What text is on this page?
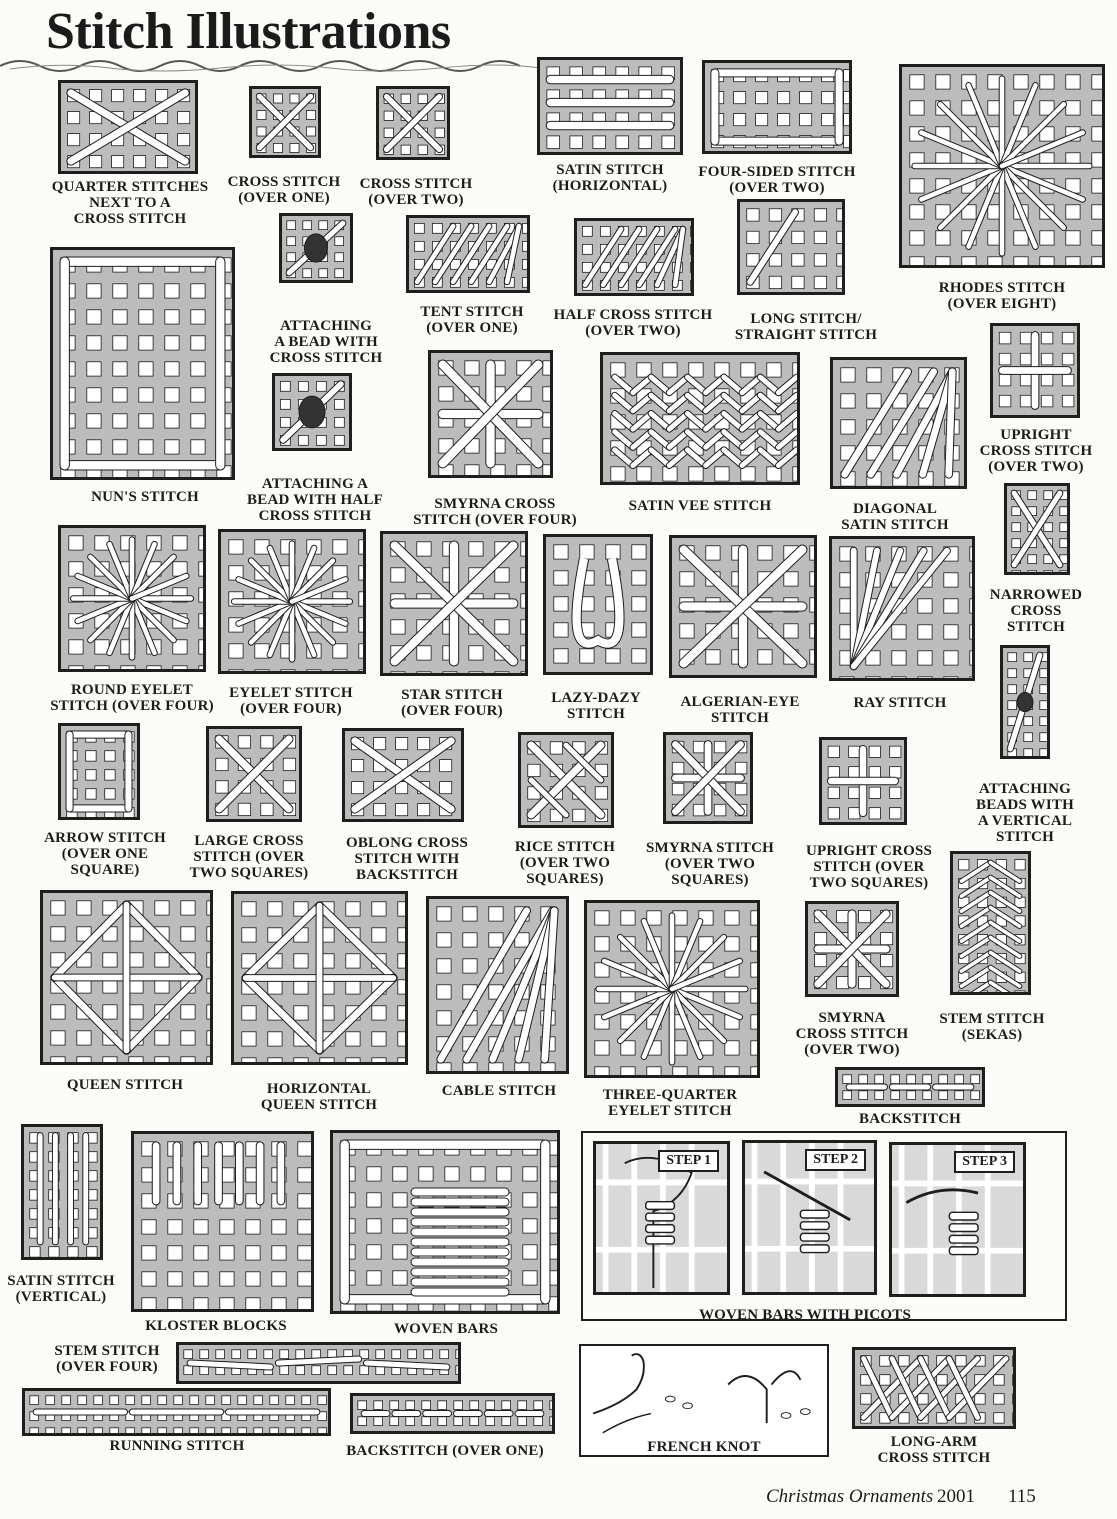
Stitch Illustrations
STEP 1	STEP 2	STEP 3
QUARTER STITCHES
NEXT TO A
CROSS STITCH
CROSS STITCH
(OVER ONE)
CROSS STITCH
(OVER TWO)
SATIN STITCH
(HORIZONTAL)
FOUR-SIDED STITCH
(OVER TWO)
RHODES STITCH
(OVER EIGHT)
NUN'S STITCH
ATTACHING
A BEAD WITH
CROSS STITCH
ATTACHING A
BEAD WITH HALF
CROSS STITCH
TENT STITCH
(OVER ONE)
HALF CROSS STITCH
(OVER TWO)
LONG STITCH/
STRAIGHT STITCH
UPRIGHT
CROSS STITCH
(OVER TWO)
SMYRNA CROSS
STITCH (OVER FOUR)
SATIN VEE STITCH	DIAGONAL
SATIN STITCH
NARROWED
CROSS
STITCH
ROUND EYELET
STITCH (OVER FOUR)
EYELET STITCH
(OVER FOUR)
STAR STITCH
(OVER FOUR)
LAZY-DAZY
STITCH
ALGERIAN-EYE
STITCH
RAY STITCH
ATTACHING
BEADS WITH
A VERTICAL
STITCH
ARROW STITCH
(OVER ONE
SQUARE)
LARGE CROSS
STITCH (OVER
TWO SQUARES)
OBLONG CROSS
STITCH WITH
BACKSTITCH
RICE STITCH
(OVER TWO
SQUARES)
SMYRNA STITCH
(OVER TWO
SQUARES)
UPRIGHT CROSS
STITCH (OVER
TWO SQUARES)
STEM STITCH
(SEKAS)
QUEEN STITCH	HORIZONTAL
QUEEN STITCH
CABLE STITCH	THREE-QUARTER
EYELET STITCH
SMYRNA
CROSS STITCH
(OVER TWO)
BACKSTITCH
SATIN STITCH
(VERTICAL)
KLOSTER BLOCKS	WOVEN BARS
WOVEN BARS WITH PICOTS
STEM STITCH
(OVER FOUR)
RUNNING STITCH	BACKSTITCH (OVER ONE)	FRENCH KNOT	LONG-ARM
CROSS STITCH
Christmas Ornaments 2001 115
